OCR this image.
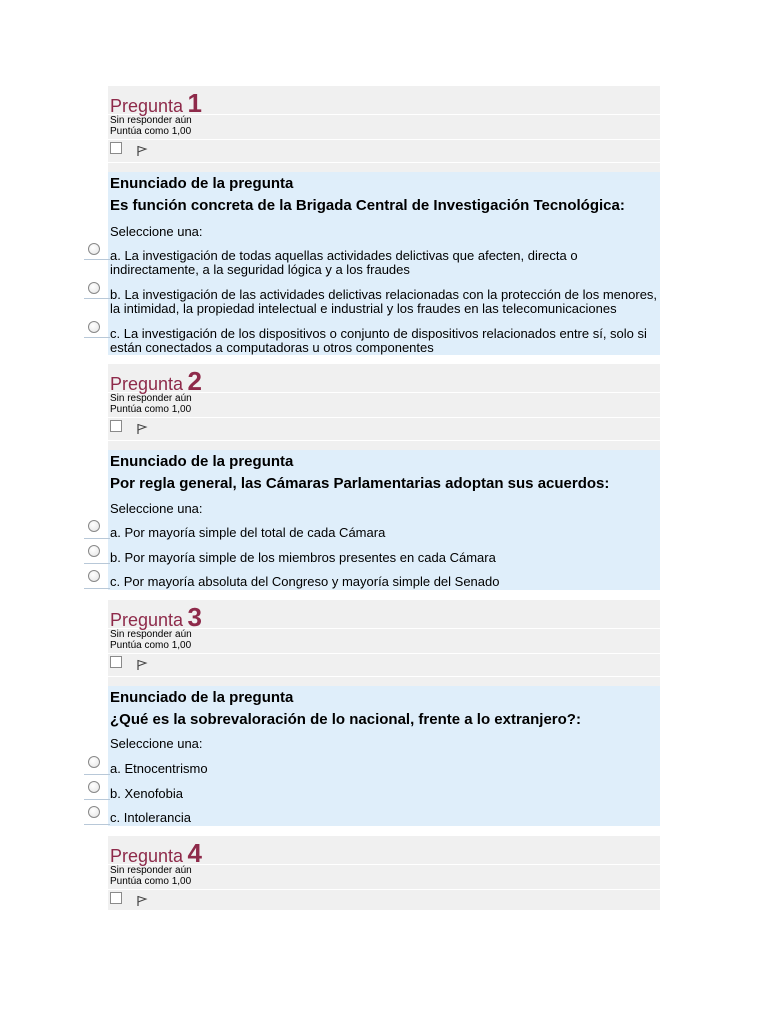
Pregunta 1
Sin responder aún
Puntúa como 1,00
Enunciado de la pregunta
Es función concreta de la Brigada Central de Investigación Tecnológica:
Seleccione una:
a. La investigación de todas aquellas actividades delictivas que afecten, directa o indirectamente, a la seguridad lógica y a los fraudes
b. La investigación de las actividades delictivas relacionadas con la protección de los menores, la intimidad, la propiedad intelectual e industrial y los fraudes en las telecomunicaciones
c. La investigación de los dispositivos o conjunto de dispositivos relacionados entre sí, solo si están conectados a computadoras u otros componentes
Pregunta 2
Sin responder aún
Puntúa como 1,00
Enunciado de la pregunta
Por regla general, las Cámaras Parlamentarias adoptan sus acuerdos:
Seleccione una:
a. Por mayoría simple del total de cada Cámara
b. Por mayoría simple de los miembros presentes en cada Cámara
c. Por mayoría absoluta del Congreso y mayoría simple del Senado
Pregunta 3
Sin responder aún
Puntúa como 1,00
Enunciado de la pregunta
¿Qué es la sobrevaloración de lo nacional, frente a lo extranjero?:
Seleccione una:
a. Etnocentrismo
b. Xenofobia
c. Intolerancia
Pregunta 4
Sin responder aún
Puntúa como 1,00
